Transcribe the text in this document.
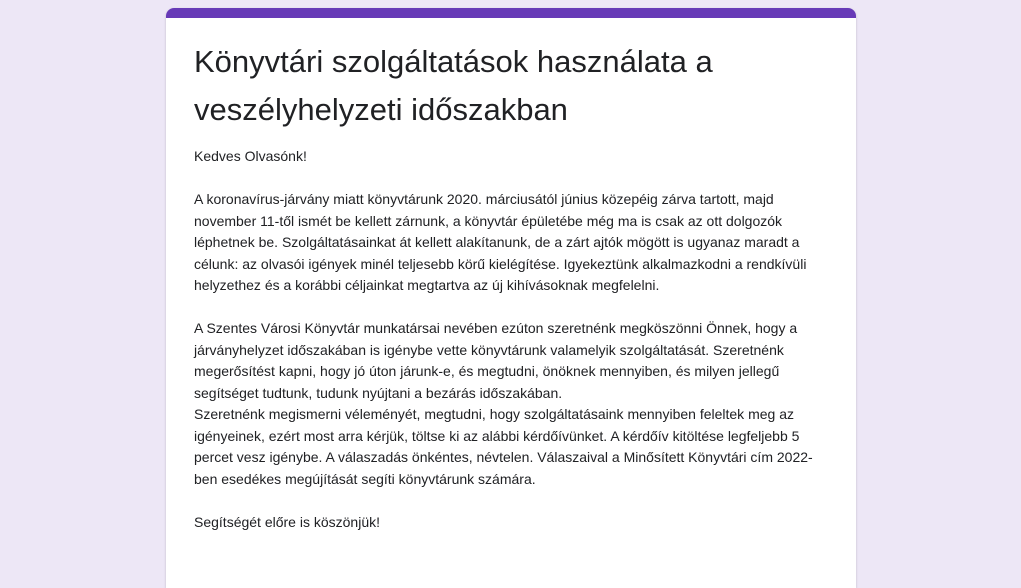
Könyvtári szolgáltatások használata a veszélyhelyzeti időszakban

Kedves Olvasónk!

A koronavírus-járvány miatt könyvtárunk 2020. márciusától június közepéig zárva tartott, majd november 11-től ismét be kellett zárnunk, a könyvtár épületébe még ma is csak az ott dolgozók léphetnek be. Szolgáltatásainkat át kellett alakítanunk, de a zárt ajtók mögött is ugyanaz maradt a célunk: az olvasói igények minél teljesebb körű kielégítése. Igyekeztünk alkalmazkodni a rendkívüli helyzethez és a korábbi céljainkat megtartva az új kihívásoknak megfelelni.

A Szentes Városi Könyvtár munkatársai nevében ezúton szeretnénk megköszönni Önnek, hogy a járványhelyzet időszakában is igénybe vette könyvtárunk valamelyik szolgáltatását. Szeretnénk megerősítést kapni, hogy jó úton járunk-e, és megtudni, önöknek mennyiben, és milyen jellegű segítséget tudtunk, tudunk nyújtani a bezárás időszakában.

Szeretnénk megismerni véleményét, megtudni, hogy szolgáltatásaink mennyiben feleltek meg az igényeinek, ezért most arra kérjük, töltse ki az alábbi kérdőívünket. A kérdőív kitöltése legfeljebb 5 percet vesz igénybe. A válaszadás önkéntes, névtelen. Válaszaival a Minősített Könyvtári cím 2022-ben esedékes megújítását segíti könyvtárunk számára.

Segítségét előre is köszönjük!
